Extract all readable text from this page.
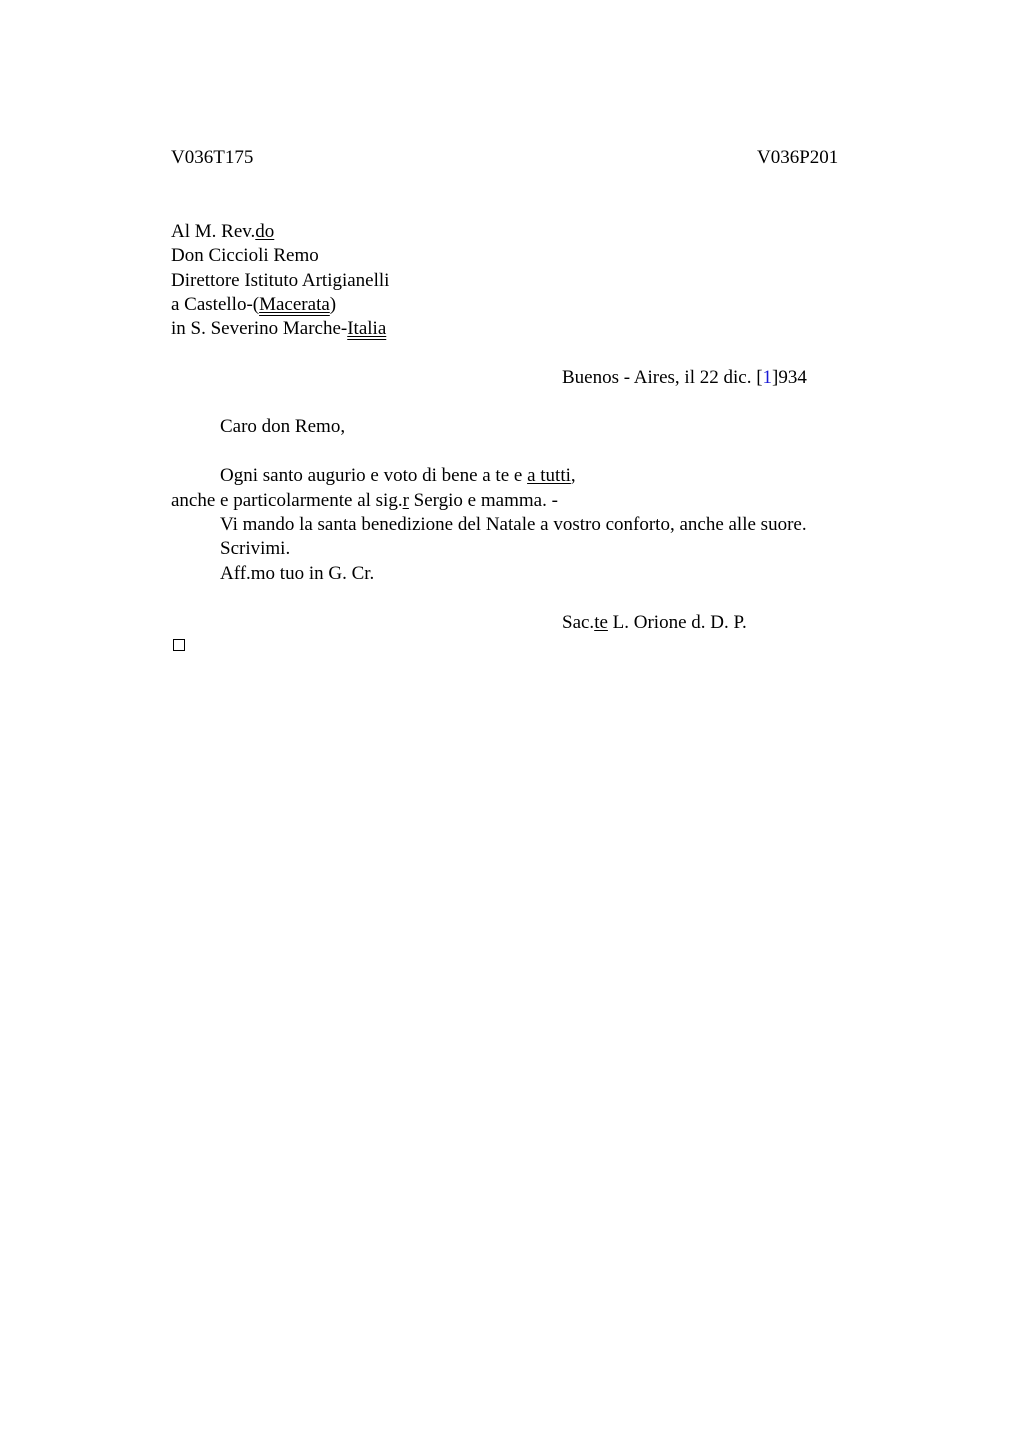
V036T175	V036P201
Al M. Rev.do
Don Ciccioli Remo
Direttore Istituto Artigianelli
a Castello-(Macerata)
in S. Severino Marche-Italia
Buenos - Aires, il 22 dic. [1]934
Caro don Remo,
Ogni santo augurio e voto di bene a te e a tutti,
anche e particolarmente al sig.r Sergio e mamma. -
Vi mando la santa benedizione del Natale a vostro conforto, anche alle suore.
Scrivimi.
Aff.mo tuo in G. Cr.
Sac.te L. Orione d. D. P.
